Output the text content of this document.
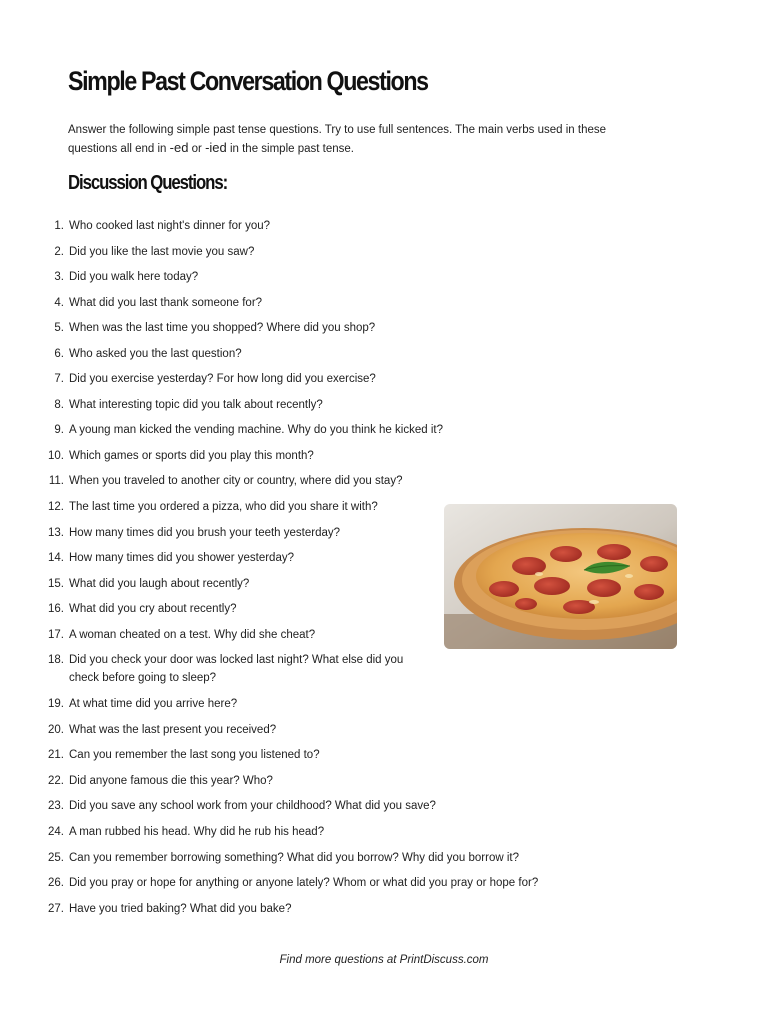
Simple Past Conversation Questions

Answer the following simple past tense questions. Try to use full sentences. The main verbs used in these questions all end in -ed or -ied in the simple past tense.

Discussion Questions:
1. Who cooked last night's dinner for you?
2. Did you like the last movie you saw?
3. Did you walk here today?
4. What did you last thank someone for?
5. When was the last time you shopped? Where did you shop?
6. Who asked you the last question?
7. Did you exercise yesterday? For how long did you exercise?
8. What interesting topic did you talk about recently?
9. A young man kicked the vending machine. Why do you think he kicked it?
10. Which games or sports did you play this month?
11. When you traveled to another city or country, where did you stay?
12. The last time you ordered a pizza, who did you share it with?
13. How many times did you brush your teeth yesterday?
14. How many times did you shower yesterday?
15. What did you laugh about recently?
16. What did you cry about recently?
17. A woman cheated on a test. Why did she cheat?
18. Did you check your door was locked last night? What else did you check before going to sleep?
19. At what time did you arrive here?
20. What was the last present you received?
21. Can you remember the last song you listened to?
22. Did anyone famous die this year? Who?
23. Did you save any school work from your childhood? What did you save?
24. A man rubbed his head. Why did he rub his head?
25. Can you remember borrowing something? What did you borrow? Why did you borrow it?
26. Did you pray or hope for anything or anyone lately? Whom or what did you pray or hope for?
27. Have you tried baking? What did you bake?
Find more questions at PrintDiscuss.com
